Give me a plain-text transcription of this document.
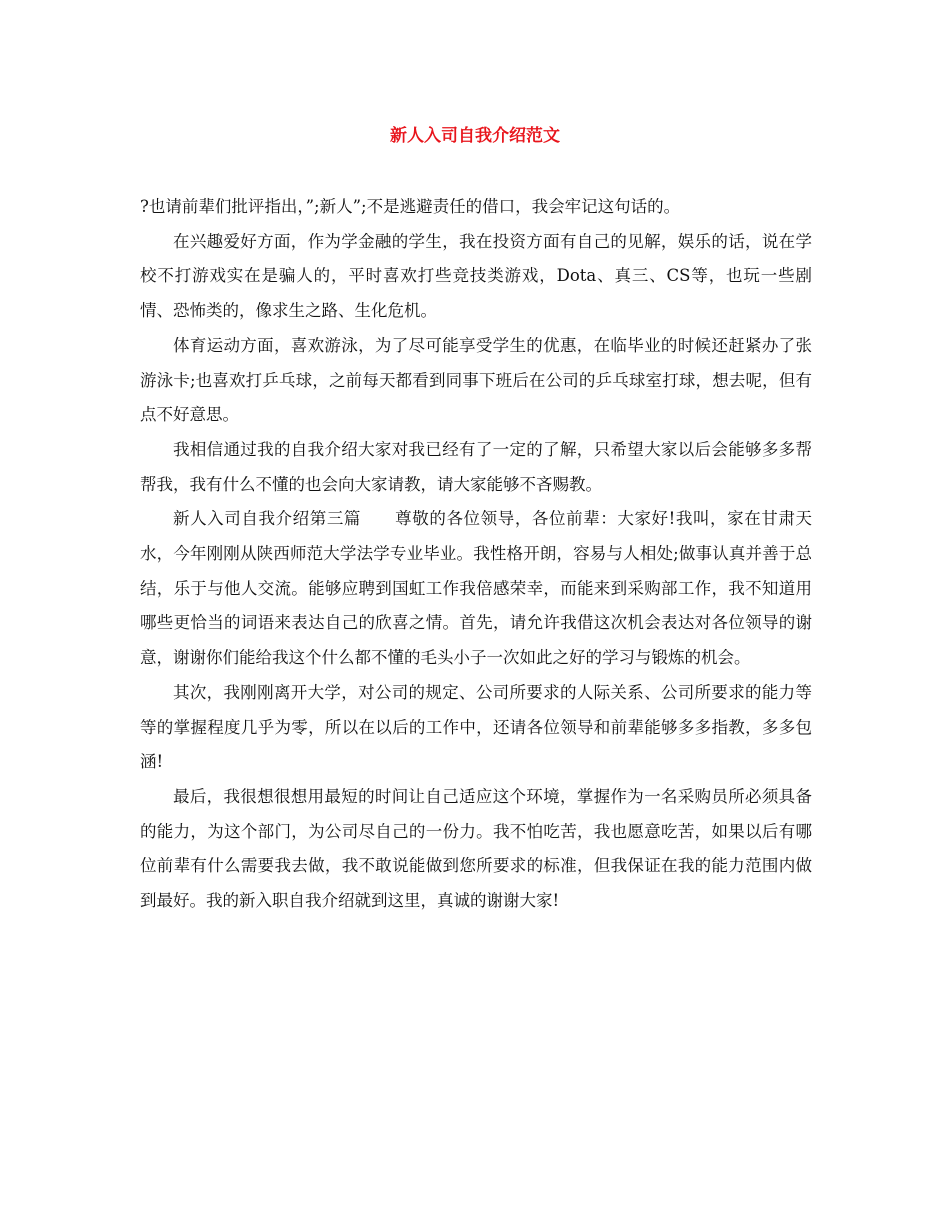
新人入司自我介绍范文

?也请前辈们批评指出，”;新人”;不是逃避责任的借口，我会牢记这句话的。

在兴趣爱好方面，作为学金融的学生，我在投资方面有自己的见解，娱乐的话，说在学校不打游戏实在是骗人的，平时喜欢打些竞技类游戏，Dota、真三、CS等，也玩一些剧情、恐怖类的，像求生之路、生化危机。

体育运动方面，喜欢游泳，为了尽可能享受学生的优惠，在临毕业的时候还赶紧办了张游泳卡;也喜欢打乒乓球，之前每天都看到同事下班后在公司的乒乓球室打球，想去呢，但有点不好意思。

我相信通过我的自我介绍大家对我已经有了一定的了解，只希望大家以后会能够多多帮帮我，我有什么不懂的也会向大家请教，请大家能够不吝赐教。

新人入司自我介绍第三篇　　尊敬的各位领导，各位前辈：大家好!我叫，家在甘肃天水，今年刚刚从陕西师范大学法学专业毕业。我性格开朗，容易与人相处;做事认真并善于总结，乐于与他人交流。能够应聘到国虹工作我倍感荣幸，而能来到采购部工作，我不知道用哪些更恰当的词语来表达自己的欣喜之情。首先，请允许我借这次机会表达对各位领导的谢意，谢谢你们能给我这个什么都不懂的毛头小子一次如此之好的学习与锻炼的机会。

其次，我刚刚离开大学，对公司的规定、公司所要求的人际关系、公司所要求的能力等等的掌握程度几乎为零，所以在以后的工作中，还请各位领导和前辈能够多多指教，多多包涵!

最后，我很想很想用最短的时间让自己适应这个环境，掌握作为一名采购员所必须具备的能力，为这个部门，为公司尽自己的一份力。我不怕吃苦，我也愿意吃苦，如果以后有哪位前辈有什么需要我去做，我不敢说能做到您所要求的标准，但我保证在我的能力范围内做到最好。我的新入职自我介绍就到这里，真诚的谢谢大家!
